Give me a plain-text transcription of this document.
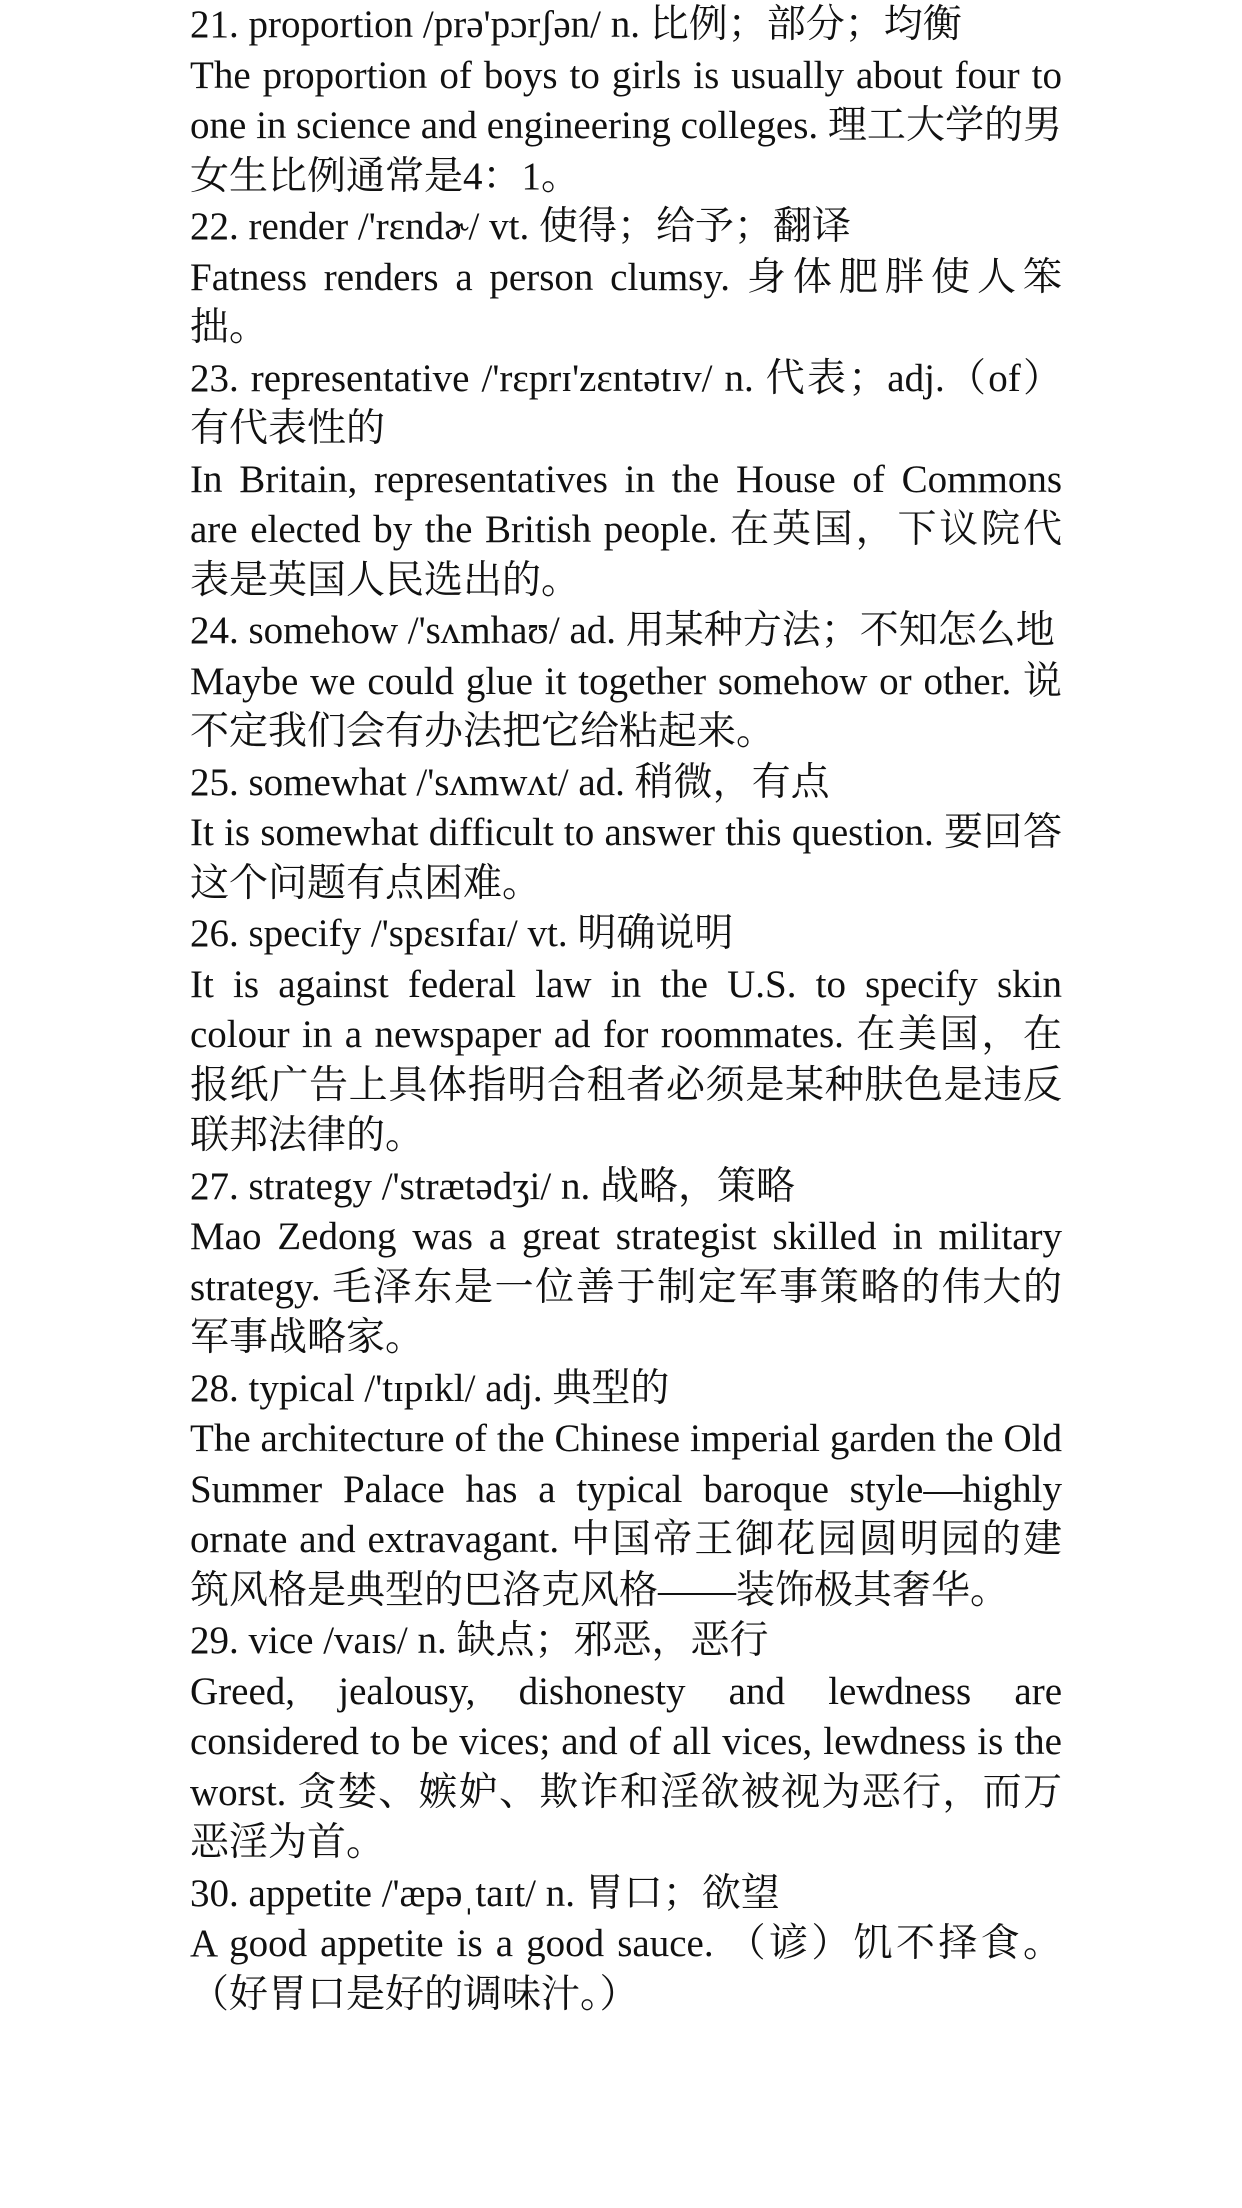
21. proportion /prə'pɔrʃən/ n. 比例；部分；均衡

The proportion of boys to girls is usually about four to one in science and engineering colleges. 理工大学的男女生比例通常是4：1。

22. render /'rɛndɚ/ vt. 使得；给予；翻译

Fatness renders a person clumsy. 身体肥胖使人笨拙。

23. representative /'rɛprɪ'zɛntətɪv/ n. 代表；adj.（of）有代表性的

In Britain, representatives in the House of Commons are elected by the British people. 在英国，下议院代表是英国人民选出的。

24. somehow /'sʌmhaʊ/ ad. 用某种方法；不知怎么地

Maybe we could glue it together somehow or other. 说不定我们会有办法把它给粘起来。

25. somewhat /'sʌmwʌt/ ad. 稍微，有点

It is somewhat difficult to answer this question. 要回答这个问题有点困难。

26. specify /'spɛsɪfaɪ/ vt. 明确说明

It is against federal law in the U.S. to specify skin colour in a newspaper ad for roommates. 在美国，在报纸广告上具体指明合租者必须是某种肤色是违反联邦法律的。

27. strategy /'strætədʒi/ n. 战略，策略

Mao Zedong was a great strategist skilled in military strategy. 毛泽东是一位善于制定军事策略的伟大的军事战略家。

28. typical /'tɪpɪkl/ adj. 典型的

The architecture of the Chinese imperial garden the Old Summer Palace has a typical baroque style—highly ornate and extravagant. 中国帝王御花园圆明园的建筑风格是典型的巴洛克风格——装饰极其奢华。

29. vice /vaɪs/ n. 缺点；邪恶，恶行

Greed, jealousy, dishonesty and lewdness are considered to be vices; and of all vices, lewdness is the worst. 贪婪、嫉妒、欺诈和淫欲被视为恶行，而万恶淫为首。

30. appetite /'æpəˌtaɪt/ n. 胃口；欲望

A good appetite is a good sauce. （谚）饥不择食。（好胃口是好的调味汁。）
